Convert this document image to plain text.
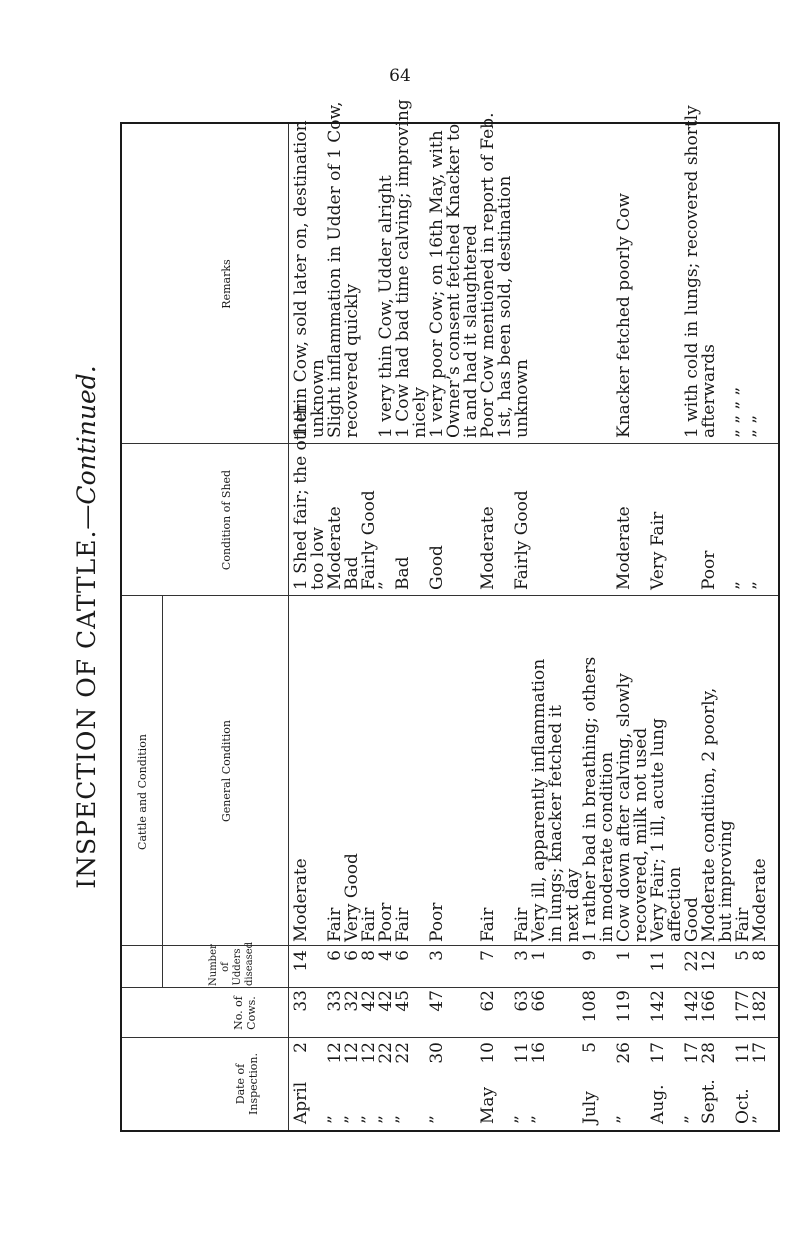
64
INSPECTION OF CATTLE.—Continued.
Date of Inspection.
No. of Cows.
Number of Udders diseased
Cattle and Condition	General Condition
Condition of Shed
Remarks
April
2
33
14
Moderate
1 Shed fair; the other
1 thin Cow, sold later on, destination
too low
unknown
”
12
33
6
Fair
Moderate
Slight inflammation in Udder of 1 Cow,
”
12
32
6
Very Good
Bad
recovered quickly
”
12
42
8
Fair
Fairly Good
”
22
42
4
Poor
”
1 very thin Cow, Udder alright
”
22
45
6
Fair
Bad
1 Cow had bad time calving; improving
nicely
”
30
47
3
Poor
Good
1 very poor Cow; on 16th May, with
Owner’s consent fetched Knacker to
it and had it slaughtered
May
10
62
7
Fair
Moderate
Poor Cow mentioned in report of Feb.
1st, has been sold, destination
”
11
63
3
Fair
Fairly Good
unknown
”
16
66
1
Very ill, apparently inflammation
in lungs; knacker fetched it
next day
July
5
108
9
1 rather bad in breathing; others
in moderate condition
”
26
119
1
Cow down after calving, slowly
Moderate
Knacker fetched poorly Cow
recovered, milk not used
Aug.
17
142
11
Very Fair; 1 ill, acute lung
Very Fair
affection
”
17
142
22
Good
1 with cold in lungs; recovered shortly
Sept.
28
166
12
Moderate condition, 2 poorly,
Poor
afterwards
but improving
Oct.
11
177
5
Fair
”
” ” ” ”
”
17
182
8
Moderate
”
” ”
